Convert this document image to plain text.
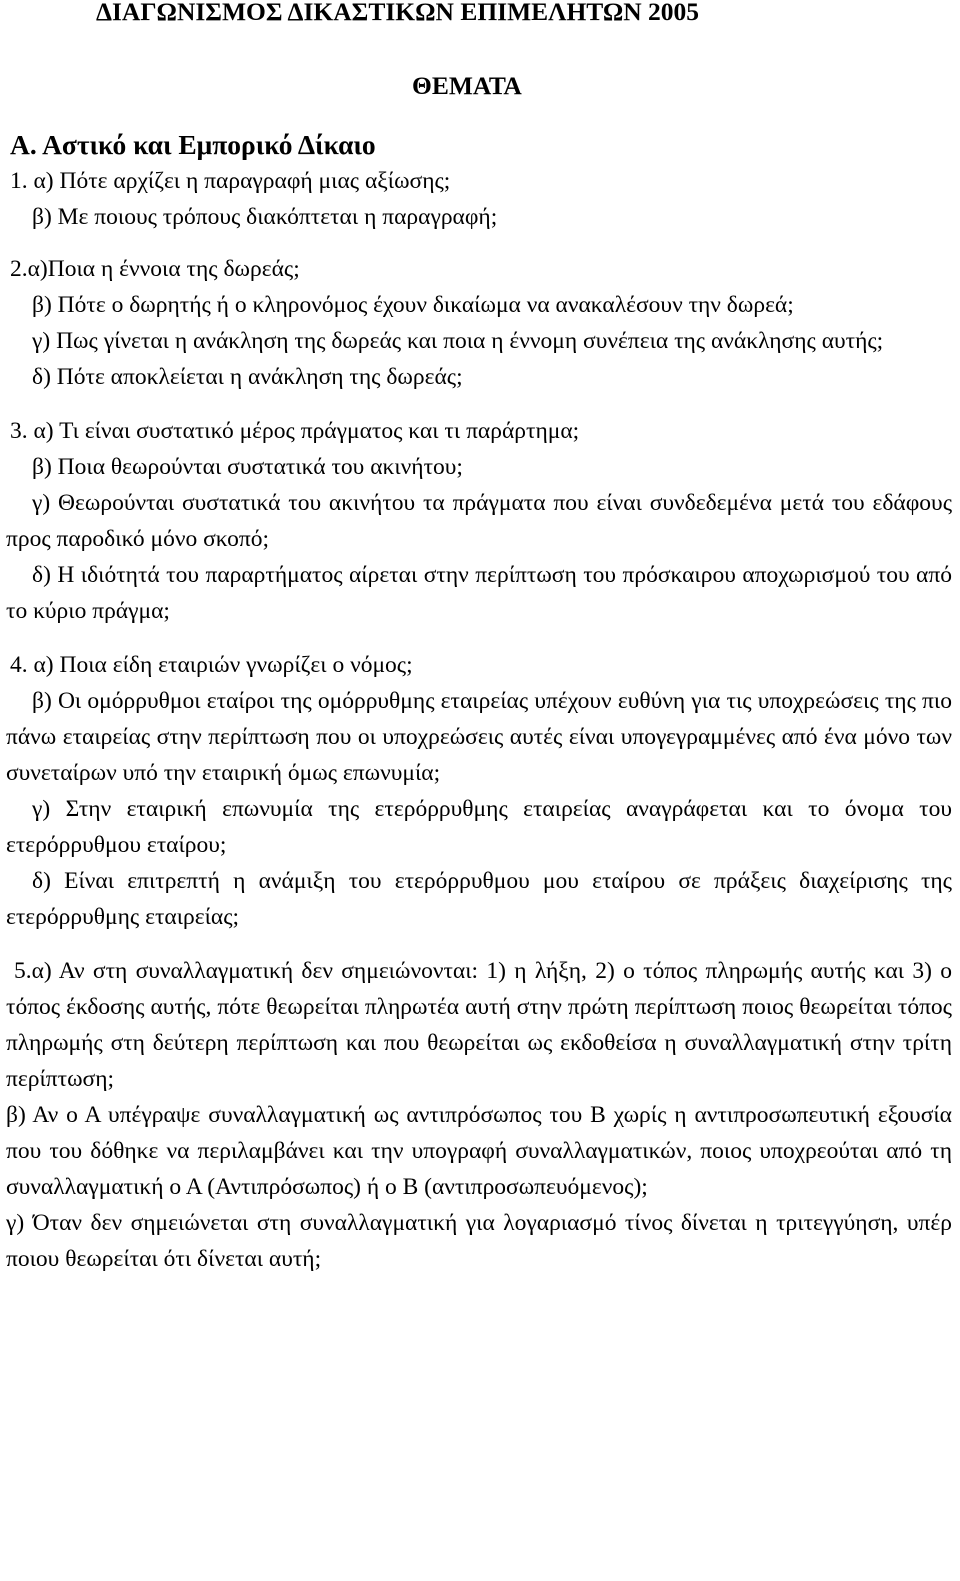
ΔΙΑΓΩΝΙΣΜΟΣ ΔΙΚΑΣΤΙΚΩΝ ΕΠΙΜΕΛΗΤΩΝ 2005
ΘΕΜΑΤΑ
Α. Αστικό και Εμπορικό Δίκαιο

1. α) Πότε αρχίζει η παραγραφή μιας αξίωσης;

β) Με ποιους τρόπους διακόπτεται η παραγραφή;

2.α)Ποια η έννοια της δωρεάς;

β) Πότε ο δωρητής ή ο κληρονόμος έχουν δικαίωμα να ανακαλέσουν την δωρεά;

γ) Πως γίνεται η ανάκληση της δωρεάς και ποια η έννομη συνέπεια της ανάκλησης αυτής;

δ) Πότε αποκλείεται η ανάκληση της δωρεάς;

3. α) Τι είναι συστατικό μέρος πράγματος και τι παράρτημα;

β) Ποια θεωρούνται συστατικά του ακινήτου;

γ) Θεωρούνται συστατικά του ακινήτου τα πράγματα που είναι συνδεδεμένα μετά του εδάφους προς παροδικό μόνο σκοπό;

δ) Η ιδιότητά του παραρτήματος αίρεται στην περίπτωση του πρόσκαιρου αποχωρισμού του από το κύριο πράγμα;

4. α) Ποια είδη εταιριών γνωρίζει ο νόμος;

β) Οι ομόρρυθμοι εταίροι της ομόρρυθμης εταιρείας υπέχουν ευθύνη για τις υποχρεώσεις της πιο πάνω εταιρείας στην περίπτωση που οι υποχρεώσεις αυτές είναι υπογεγραμμένες από ένα μόνο των συνεταίρων υπό την εταιρική όμως επωνυμία;

γ) Στην εταιρική επωνυμία της ετερόρρυθμης εταιρείας αναγράφεται και το όνομα του ετερόρρυθμου εταίρου;

δ) Είναι επιτρεπτή η ανάμιξη του ετερόρρυθμου μου εταίρου σε πράξεις διαχείρισης της ετερόρρυθμης εταιρείας;

5.α) Αν στη συναλλαγματική δεν σημειώνονται: 1) η λήξη, 2) ο τόπος πληρωμής αυτής και 3) ο τόπος έκδοσης αυτής, πότε θεωρείται πληρωτέα αυτή στην πρώτη περίπτωση ποιος θεωρείται τόπος πληρωμής στη δεύτερη περίπτωση και που θεωρείται ως εκδοθείσα η συναλλαγματική στην τρίτη περίπτωση;

β) Αν ο Α υπέγραψε συναλλαγματική ως αντιπρόσωπος του Β χωρίς η αντιπροσωπευτική εξουσία που του δόθηκε να περιλαμβάνει και την υπογραφή συναλλαγματικών, ποιος υποχρεούται από τη συναλλαγματική ο Α (Αντιπρόσωπος) ή ο Β (αντιπροσωπευόμενος);

γ) Όταν δεν σημειώνεται στη συναλλαγματική για λογαριασμό τίνος δίνεται η τριτεγγύηση, υπέρ ποιου θεωρείται ότι δίνεται αυτή;
